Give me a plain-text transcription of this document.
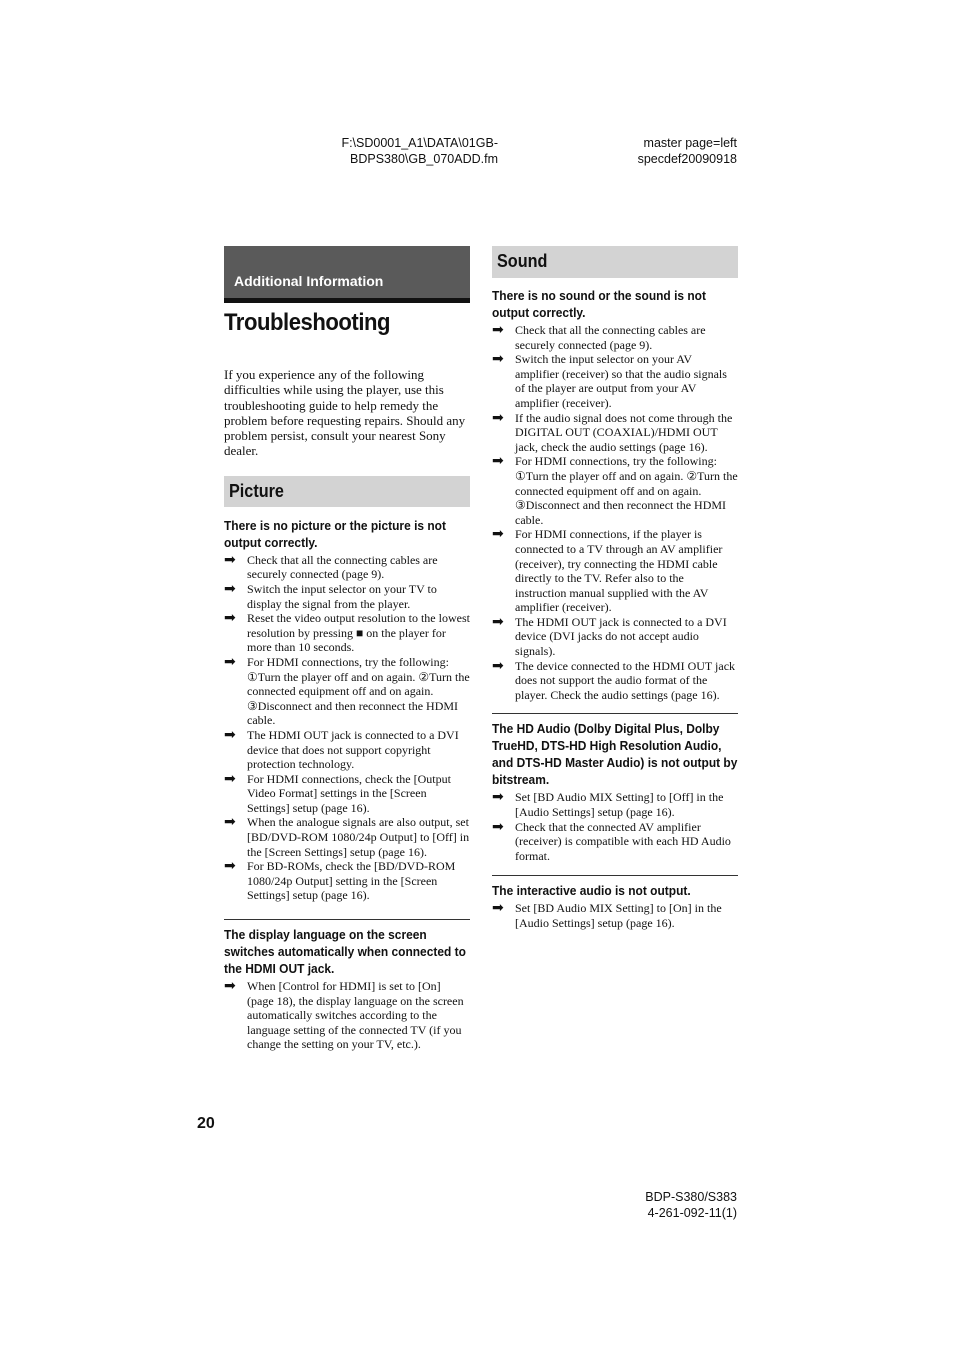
F:\SD0001_A1\DATA\01GB-
BDPS380\GB_070ADD.fm
master page=left
specdef20090918
Additional Information
Troubleshooting

If you experience any of the following difficulties while using the player, use this troubleshooting guide to help remedy the problem before requesting repairs. Should any problem persist, consult your nearest Sony dealer.

Picture
There is no picture or the picture is not output correctly.
➡ Check that all the connecting cables are securely connected (page 9).
➡ Switch the input selector on your TV to display the signal from the player.
➡ Reset the video output resolution to the lowest resolution by pressing ■ on the player for more than 10 seconds.
➡ For HDMI connections, try the following: ①Turn the player off and on again. ②Turn the connected equipment off and on again. ③Disconnect and then reconnect the HDMI cable.
➡ The HDMI OUT jack is connected to a DVI device that does not support copyright protection technology.
➡ For HDMI connections, check the [Output Video Format] settings in the [Screen Settings] setup (page 16).
➡ When the analogue signals are also output, set [BD/DVD-ROM 1080/24p Output] to [Off] in the [Screen Settings] setup (page 16).
➡ For BD-ROMs, check the [BD/DVD-ROM 1080/24p Output] setting in the [Screen Settings] setup (page 16).
The display language on the screen switches automatically when connected to the HDMI OUT jack.
➡ When [Control for HDMI] is set to [On] (page 18), the display language on the screen automatically switches according to the language setting of the connected TV (if you change the setting on your TV, etc.).
Sound
There is no sound or the sound is not output correctly.
➡ Check that all the connecting cables are securely connected (page 9).
➡ Switch the input selector on your AV amplifier (receiver) so that the audio signals of the player are output from your AV amplifier (receiver).
➡ If the audio signal does not come through the DIGITAL OUT (COAXIAL)/HDMI OUT jack, check the audio settings (page 16).
➡ For HDMI connections, try the following: ①Turn the player off and on again. ②Turn the connected equipment off and on again. ③Disconnect and then reconnect the HDMI cable.
➡ For HDMI connections, if the player is connected to a TV through an AV amplifier (receiver), try connecting the HDMI cable directly to the TV. Refer also to the instruction manual supplied with the AV amplifier (receiver).
➡ The HDMI OUT jack is connected to a DVI device (DVI jacks do not accept audio signals).
➡ The device connected to the HDMI OUT jack does not support the audio format of the player. Check the audio settings (page 16).
The HD Audio (Dolby Digital Plus, Dolby TrueHD, DTS-HD High Resolution Audio, and DTS-HD Master Audio) is not output by bitstream.
➡ Set [BD Audio MIX Setting] to [Off] in the [Audio Settings] setup (page 16).
➡ Check that the connected AV amplifier (receiver) is compatible with each HD Audio format.
The interactive audio is not output.
➡ Set [BD Audio MIX Setting] to [On] in the [Audio Settings] setup (page 16).
20
BDP-S380/S383
4-261-092-11(1)
